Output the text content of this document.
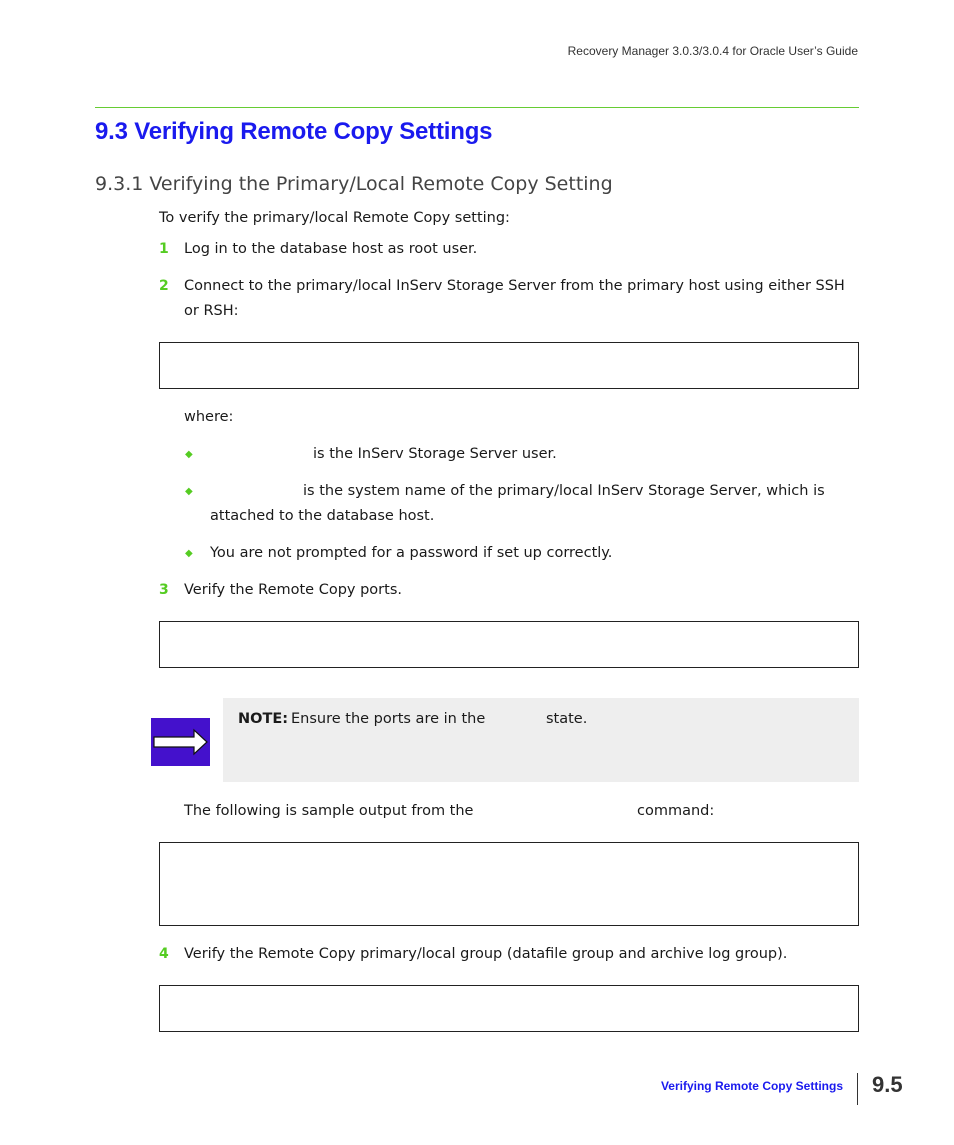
Recovery Manager 3.0.3/3.0.4 for Oracle User’s Guide
9.3 Verifying Remote Copy Settings
9.3.1 Verifying the Primary/Local Remote Copy Setting
To verify the primary/local Remote Copy setting:
1 Log in to the database host as root user.
2 Connect to the primary/local InServ Storage Server from the primary host using either SSH
or RSH:
where:
◆	is the InServ Storage Server user.
◆	is the system name of the primary/local InServ Storage Server, which is
attached to the database host.
◆ You are not prompted for a password if set up correctly.
3 Verify the Remote Copy ports.
NOTE: Ensure the ports are in the	state.
The following is sample output from the	command:
4 Verify the Remote Copy primary/local group (datafile group and archive log group).
Verifying Remote Copy Settings 9.5
